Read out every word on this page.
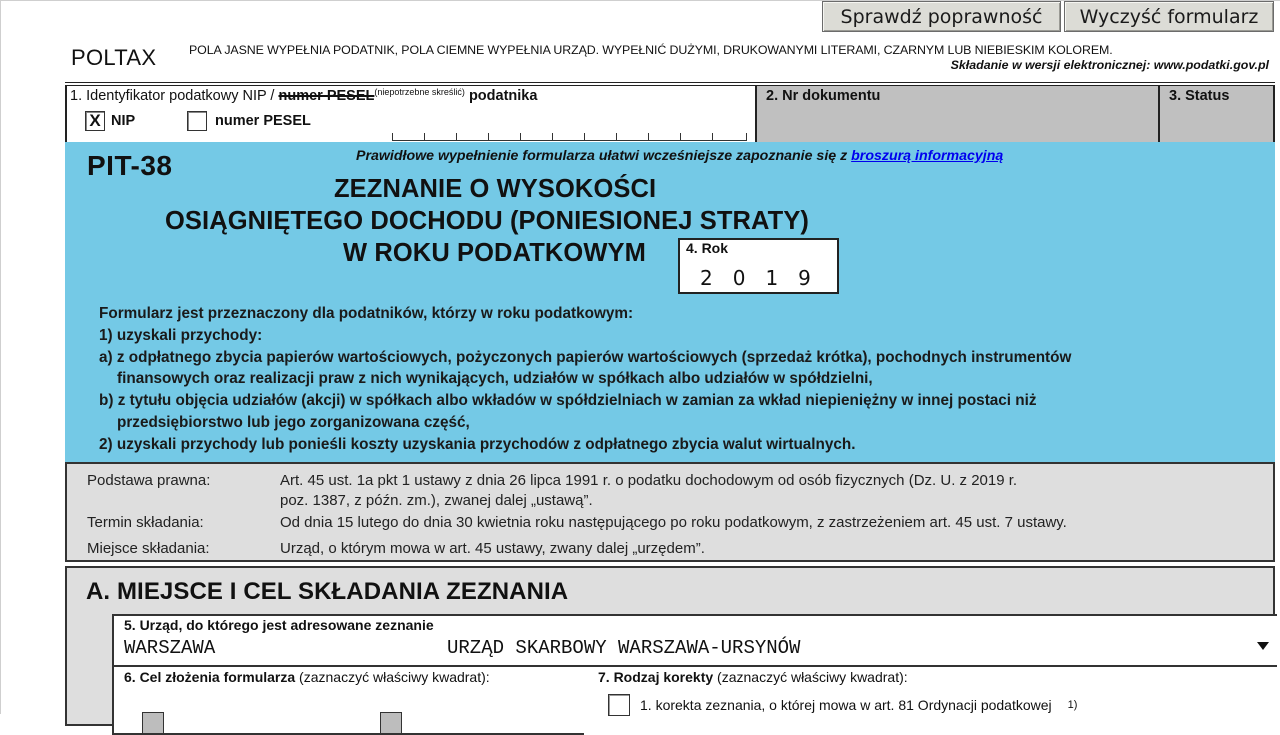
Sprawdź poprawność	Wyczyść formularz
POLTAX	POLA JASNE WYPEŁNIA PODATNIK, POLA CIEMNE WYPEŁNIA URZĄD. WYPEŁNIĆ DUŻYMI, DRUKOWANYMI LITERAMI, CZARNYM LUB NIEBIESKIM KOLOREM.
Składanie w wersji elektronicznej: www.podatki.gov.pl
1. Identyfikator podatkowy NIP / numer $PESEL^{(niepotrzebne skreślić)}$ podatnika
X NIP	numer PESEL
2. Nr dokumentu	3. Status
PIT-38	Prawidłowe wypełnienie formularza ułatwi wcześniejsze zapoznanie się z broszurą informacyjną
ZEZNANIE O WYSOKOŚCI
OSIĄGNIĘTEGO DOCHODU (PONIESIONEJ STRATY)
W ROKU PODATKOWYM	4. Rok
2019
Formularz jest przeznaczony dla podatników, którzy w roku podatkowym:
1) uzyskali przychody:
a) z odpłatnego zbycia papierów wartościowych, pożyczonych papierów wartościowych (sprzedaż krótka), pochodnych instrumentów
finansowych oraz realizacji praw z nich wynikających, udziałów w spółkach albo udziałów w spółdzielni,
b) z tytułu objęcia udziałów (akcji) w spółkach albo wkładów w spółdzielniach w zamian za wkład niepieniężny w innej postaci niż
przedsiębiorstwo lub jego zorganizowana część,
2) uzyskali przychody lub ponieśli koszty uzyskania przychodów z odpłatnego zbycia walut wirtualnych.
Podstawa prawna:	Art. 45 ust. 1a pkt 1 ustawy z dnia 26 lipca 1991 r. o podatku dochodowym od osób fizycznych (Dz. U. z 2019 r.
poz. 1387, z późn. zm.), zwanej dalej „ustawą”.
Termin składania:	Od dnia 15 lutego do dnia 30 kwietnia roku następującego po roku podatkowym, z zastrzeżeniem art. 45 ust. 7 ustawy.
Miejsce składania:	Urząd, o którym mowa w art. 45 ustawy, zwany dalej „urzędem”.
A. MIEJSCE I CEL SKŁADANIA ZEZNANIA
5. Urząd, do którego jest adresowane zeznanie
WARSZAWA	URZĄD SKARBOWY WARSZAWA-URSYNÓW
6. Cel złożenia formularza (zaznaczyć właściwy kwadrat):	7. Rodzaj korekty (zaznaczyć właściwy kwadrat):
1. korekta zeznania, o której mowa w art. 81 Ordynacji podatkowej 1)
